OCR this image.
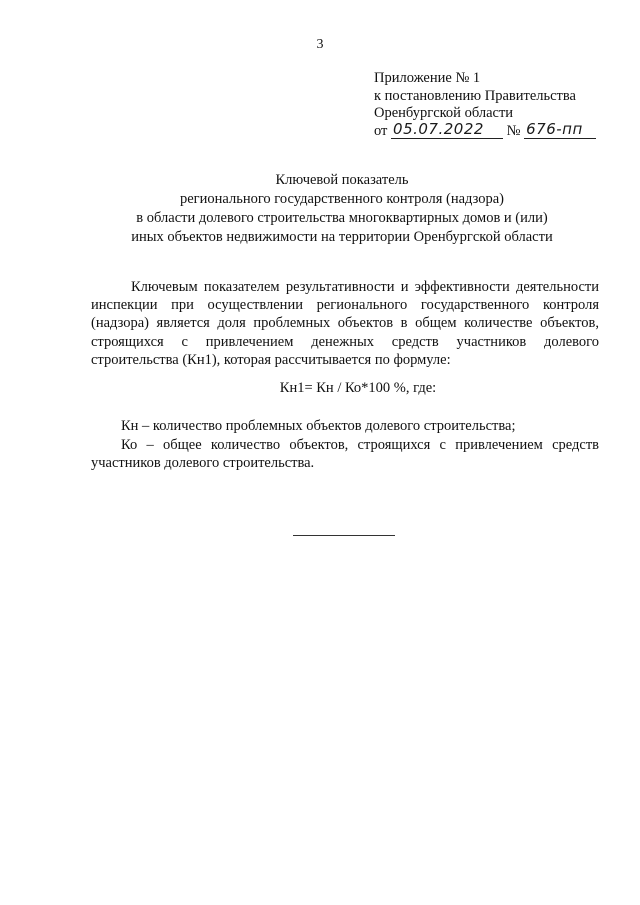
3
Приложение № 1
к постановлению Правительства
Оренбургской области
от 05.07.2022 № 676-пп
Ключевой показатель
регионального государственного контроля (надзора)
в области долевого строительства многоквартирных домов и (или)
иных объектов недвижимости на территории Оренбургской области

Ключевым показателем результативности и эффективности деятельности инспекции при осуществлении регионального государственного контроля (надзора) является доля проблемных объектов в общем количестве объектов, строящихся с привлечением денежных средств участников долевого строительства (Кн1), которая рассчитывается по формуле:

Кн1= Кн / Ко*100 %, где:

Кн – количество проблемных объектов долевого строительства;

Ко – общее количество объектов, строящихся с привлечением средств участников долевого строительства.
